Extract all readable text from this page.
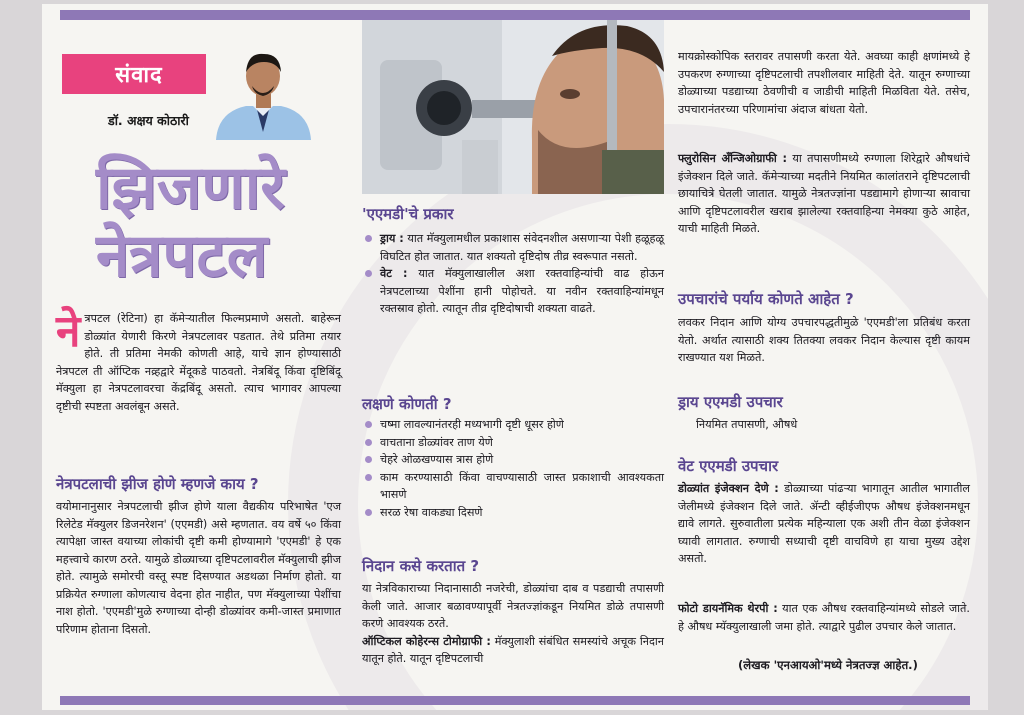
संवाद
डॉ. अक्षय कोठारी
झिजणारे
नेत्रपटल
ने त्रपटल (रेटिना) हा कॅमेऱ्यातील फिल्मप्रमाणे असतो. बाहेरून डोळ्यांत येणारी किरणे नेत्रपटलावर पडतात. तेथे प्रतिमा तयार होते. ती प्रतिमा नेमकी कोणती आहे, याचे ज्ञान होण्यासाठी नेत्रपटल ती ऑप्टिक नव्र्हद्वारे मेंदूकडे पाठवतो. नेत्रबिंदू किंवा दृष्टिबिंदू मॅक्युला हा नेत्रपटलावरचा केंद्रबिंदू असतो. त्याच भागावर आपल्या दृष्टीची स्पष्टता अवलंबून असते.

नेत्रपटलाची झीज होणे म्हणजे काय ?

वयोमानानुसार नेत्रपटलाची झीज होणे याला वैद्यकीय परिभाषेत 'एज रिलेटेड मॅक्युलर डिजनरेशन' (एएमडी) असे म्हणतात. वय वर्षे ५० किंवा त्यापेक्षा जास्त वयाच्या लोकांची दृष्टी कमी होण्यामागे 'एएमडी' हे एक महत्त्वाचे कारण ठरते. यामुळे डोळ्याच्या दृष्टिपटलावरील मॅक्युलाची झीज होते. त्यामुळे समोरची वस्तू स्पष्ट दिसण्यात अडथळा निर्माण होतो. या प्रक्रियेत रुग्णाला कोणत्याच वेदना होत नाहीत, पण मॅक्युलाच्या पेशींचा नाश होतो. 'एएमडी'मुळे रुग्णाच्या दोन्ही डोळ्यांवर कमी-जास्त प्रमाणात परिणाम होताना दिसतो.

'एएमडी'चे प्रकार
ड्राय : यात मॅक्युलामधील प्रकाशास संवेदनशील असणाऱ्या पेशी हळूहळू विघटित होत जातात. यात शक्यतो दृष्टिदोष तीव्र स्वरूपात नसतो.
वेट : यात मॅक्युलाखालील अशा रक्तवाहिन्यांची वाढ होऊन नेत्रपटलाच्या पेशींना हानी पोहोचते. या नवीन रक्तवाहिन्यांमधून रक्तस्राव होतो. त्यातून तीव्र दृष्टिदोषाची शक्यता वाढते.
लक्षणे कोणती ?
चष्मा लावल्यानंतरही मध्यभागी दृष्टी धूसर होणे
वाचताना डोळ्यांवर ताण येणे
चेहरे ओळखण्यास त्रास होणे
काम करण्यासाठी किंवा वाचण्यासाठी जास्त प्रकाशाची आवश्यकता भासणे
सरळ रेषा वाकड्या दिसणे
निदान कसे करतात ?

या नेत्रविकाराच्या निदानासाठी नजरेची, डोळ्यांचा दाब व पडद्याची तपासणी केली जाते. आजार बळावण्यापूर्वी नेत्रतज्ज्ञांकडून नियमित डोळे तपासणी करणे आवश्यक ठरते.

ऑप्टिकल कोहेरन्स टोमोग्राफी : मॅक्युलाशी संबंधित समस्यांचे अचूक निदान यातून होते. यातून दृष्टिपटलाची

मायक्रोस्कोपिक स्तरावर तपासणी करता येते. अवघ्या काही क्षणांमध्ये हे उपकरण रुग्णाच्या दृष्टिपटलाची तपशीलवार माहिती देते. यातून रुग्णाच्या डोळ्याच्या पडद्याच्या ठेवणीची व जाडीची माहिती मिळविता येते. तसेच, उपचारानंतरच्या परिणामांचा अंदाज बांधता येतो.

फ्लुरोसिन अँन्जिओग्राफी : या तपासणीमध्ये रुग्णाला शिरेद्वारे औषधांचे इंजेक्शन दिले जाते. कॅमेऱ्याच्या मदतीने नियमित कालांतराने दृष्टिपटलाची छायाचित्रे घेतली जातात. यामुळे नेत्रतज्ज्ञांना पडद्यामागे होणाऱ्या स्रावाचा आणि दृष्टिपटलावरील खराब झालेल्या रक्तवाहिन्या नेमक्या कुठे आहेत, याची माहिती मिळते.

उपचारांचे पर्याय कोणते आहेत ?

लवकर निदान आणि योग्य उपचारपद्धतीमुळे 'एएमडी'ला प्रतिबंध करता येतो. अर्थात त्यासाठी शक्य तितक्या लवकर निदान केल्यास दृष्टी कायम राखण्यात यश मिळते.

ड्राय एएमडी उपचार

नियमित तपासणी, औषधे

वेट एएमडी उपचार

डोळ्यांत इंजेक्शन देणे : डोळ्याच्या पांढऱ्या भागातून आतील भागातील जेलीमध्ये इंजेक्शन दिले जाते. ॲन्टी व्हीईजीएफ औषध इंजेक्शनमधून द्यावे लागते. सुरुवातीला प्रत्येक महिन्याला एक अशी तीन वेळा इंजेक्शन घ्यावी लागतात. रुग्णाची सध्याची दृष्टी वाचविणे हा याचा मुख्य उद्देश असतो.

फोटो डायनॅमिक थेरपी : यात एक औषध रक्तवाहिन्यांमध्ये सोडले जाते. हे औषध म्यॅक्युलाखाली जमा होते. त्याद्वारे पुढील उपचार केले जातात.

(लेखक 'एनआयओ'मध्ये नेत्रतज्ज्ञ आहेत.)
